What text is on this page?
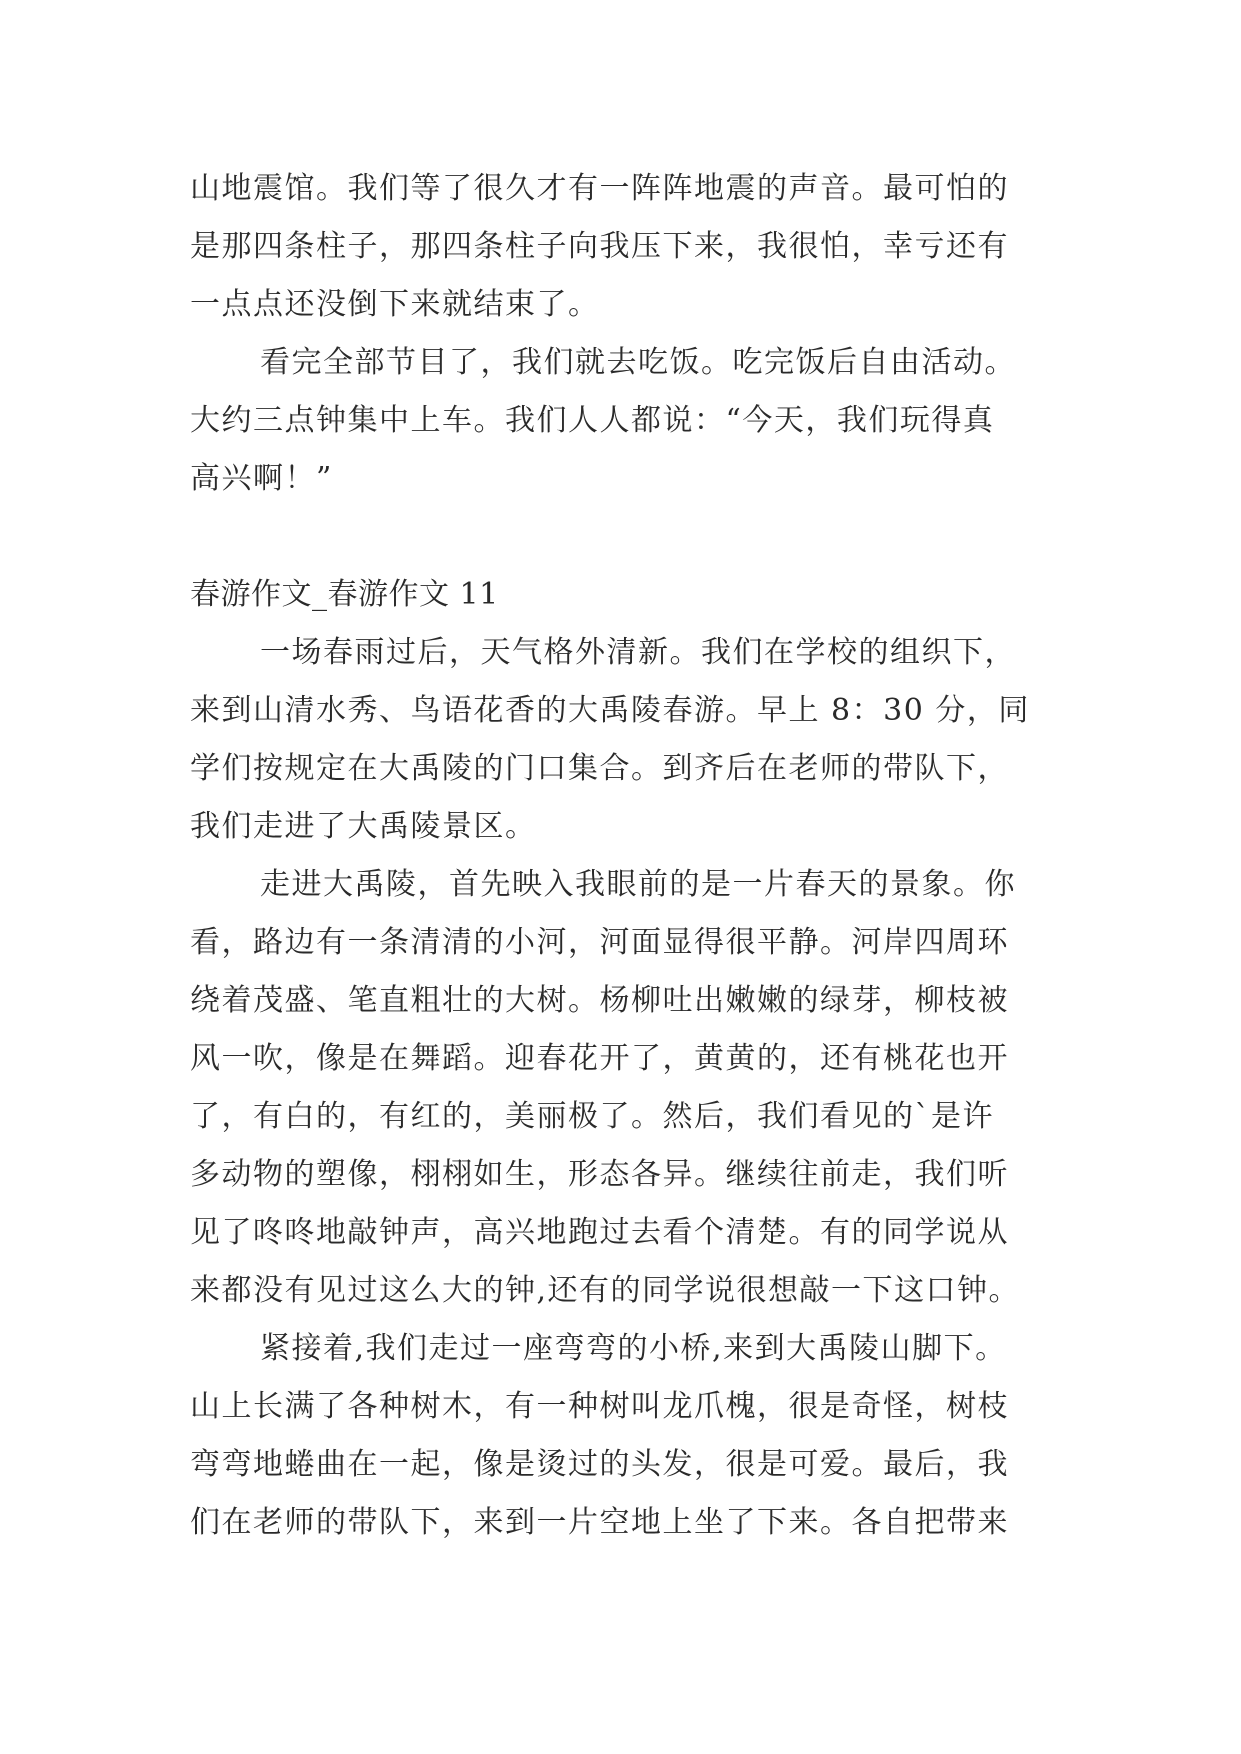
山地震馆。我们等了很久才有一阵阵地震的声音。最可怕的
是那四条柱子，那四条柱子向我压下来，我很怕，幸亏还有
一点点还没倒下来就结束了。
看完全部节目了，我们就去吃饭。吃完饭后自由活动。
大约三点钟集中上车。我们人人都说：“今天，我们玩得真
高兴啊！”
春游作文_春游作文 11
一场春雨过后，天气格外清新。我们在学校的组织下，
来到山清水秀、鸟语花香的大禹陵春游。早上 8：30 分，同
学们按规定在大禹陵的门口集合。到齐后在老师的带队下，
我们走进了大禹陵景区。
走进大禹陵，首先映入我眼前的是一片春天的景象。你
看，路边有一条清清的小河，河面显得很平静。河岸四周环
绕着茂盛、笔直粗壮的大树。杨柳吐出嫩嫩的绿芽，柳枝被
风一吹，像是在舞蹈。迎春花开了，黄黄的，还有桃花也开
了，有白的，有红的，美丽极了。然后，我们看见的`是许
多动物的塑像，栩栩如生，形态各异。继续往前走，我们听
见了咚咚地敲钟声，高兴地跑过去看个清楚。有的同学说从
来都没有见过这么大的钟,还有的同学说很想敲一下这口钟。
紧接着,我们走过一座弯弯的小桥,来到大禹陵山脚下。
山上长满了各种树木，有一种树叫龙爪槐，很是奇怪，树枝
弯弯地蜷曲在一起，像是烫过的头发，很是可爱。最后，我
们在老师的带队下，来到一片空地上坐了下来。各自把带来
